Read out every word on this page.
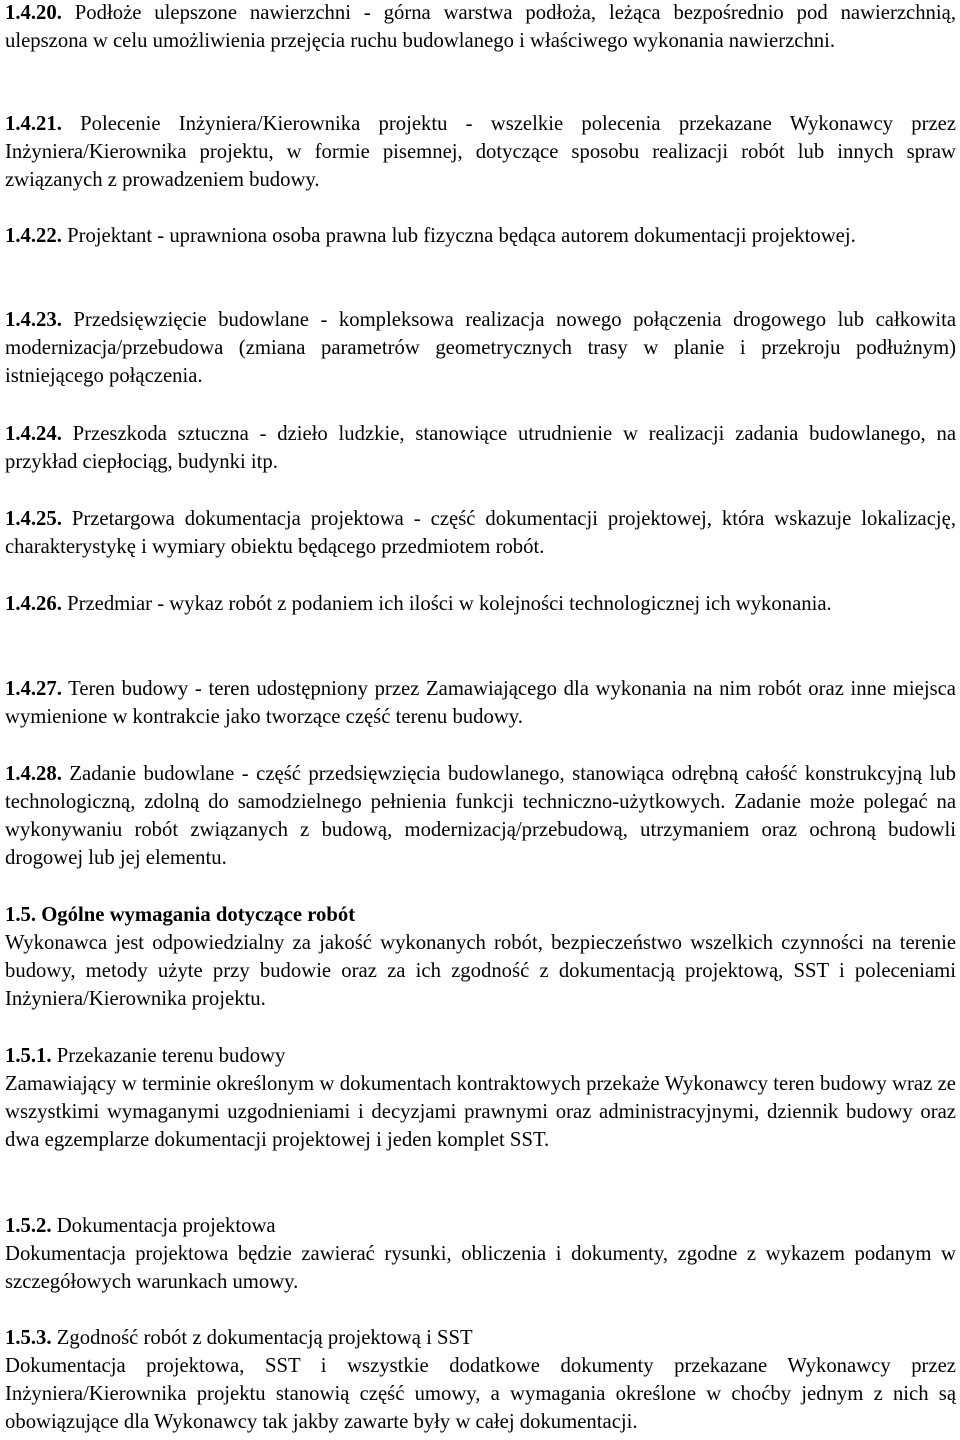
1.4.20. Podłoże ulepszone nawierzchni - górna warstwa podłoża, leżąca bezpośrednio pod nawierzchnią, ulepszona w celu umożliwienia przejęcia ruchu budowlanego i właściwego wykonania nawierzchni.

1.4.21. Polecenie Inżyniera/Kierownika projektu - wszelkie polecenia przekazane Wykonawcy przez Inżyniera/Kierownika projektu, w formie pisemnej, dotyczące sposobu realizacji robót lub innych spraw związanych z prowadzeniem budowy.

1.4.22. Projektant - uprawniona osoba prawna lub fizyczna będąca autorem dokumentacji projektowej.

1.4.23. Przedsięwzięcie budowlane - kompleksowa realizacja nowego połączenia drogowego lub całkowita modernizacja/przebudowa (zmiana parametrów geometrycznych trasy w planie i przekroju podłużnym) istniejącego połączenia.

1.4.24. Przeszkoda sztuczna - dzieło ludzkie, stanowiące utrudnienie w realizacji zadania budowlanego, na przykład ciepłociąg, budynki itp.

1.4.25. Przetargowa dokumentacja projektowa - część dokumentacji projektowej, która wskazuje lokalizację, charakterystykę i wymiary obiektu będącego przedmiotem robót.

1.4.26. Przedmiar - wykaz robót z podaniem ich ilości w kolejności technologicznej ich wykonania.

1.4.27. Teren budowy - teren udostępniony przez Zamawiającego dla wykonania na nim robót oraz inne miejsca wymienione w kontrakcie jako tworzące część terenu budowy.

1.4.28. Zadanie budowlane - część przedsięwzięcia budowlanego, stanowiąca odrębną całość konstrukcyjną lub technologiczną, zdolną do samodzielnego pełnienia funkcji techniczno-użytkowych. Zadanie może polegać na wykonywaniu robót związanych z budową, modernizacją/przebudową, utrzymaniem oraz ochroną budowli drogowej lub jej elementu.

1.5. Ogólne wymagania dotyczące robót

Wykonawca jest odpowiedzialny za jakość wykonanych robót, bezpieczeństwo wszelkich czynności na terenie budowy, metody użyte przy budowie oraz za ich zgodność z dokumentacją projektową, SST i poleceniami Inżyniera/Kierownika projektu.

1.5.1. Przekazanie terenu budowy

Zamawiający w terminie określonym w dokumentach kontraktowych przekaże Wykonawcy teren budowy wraz ze wszystkimi wymaganymi uzgodnieniami i decyzjami prawnymi oraz administracyjnymi, dziennik budowy oraz dwa egzemplarze dokumentacji projektowej i jeden komplet SST.

1.5.2. Dokumentacja projektowa

Dokumentacja projektowa będzie zawierać rysunki, obliczenia i dokumenty, zgodne z wykazem podanym w szczegółowych warunkach umowy.

1.5.3. Zgodność robót z dokumentacją projektową i SST

Dokumentacja projektowa, SST i wszystkie dodatkowe dokumenty przekazane Wykonawcy przez Inżyniera/Kierownika projektu stanowią część umowy, a wymagania określone w choćby jednym z nich są obowiązujące dla Wykonawcy tak jakby zawarte były w całej dokumentacji.
